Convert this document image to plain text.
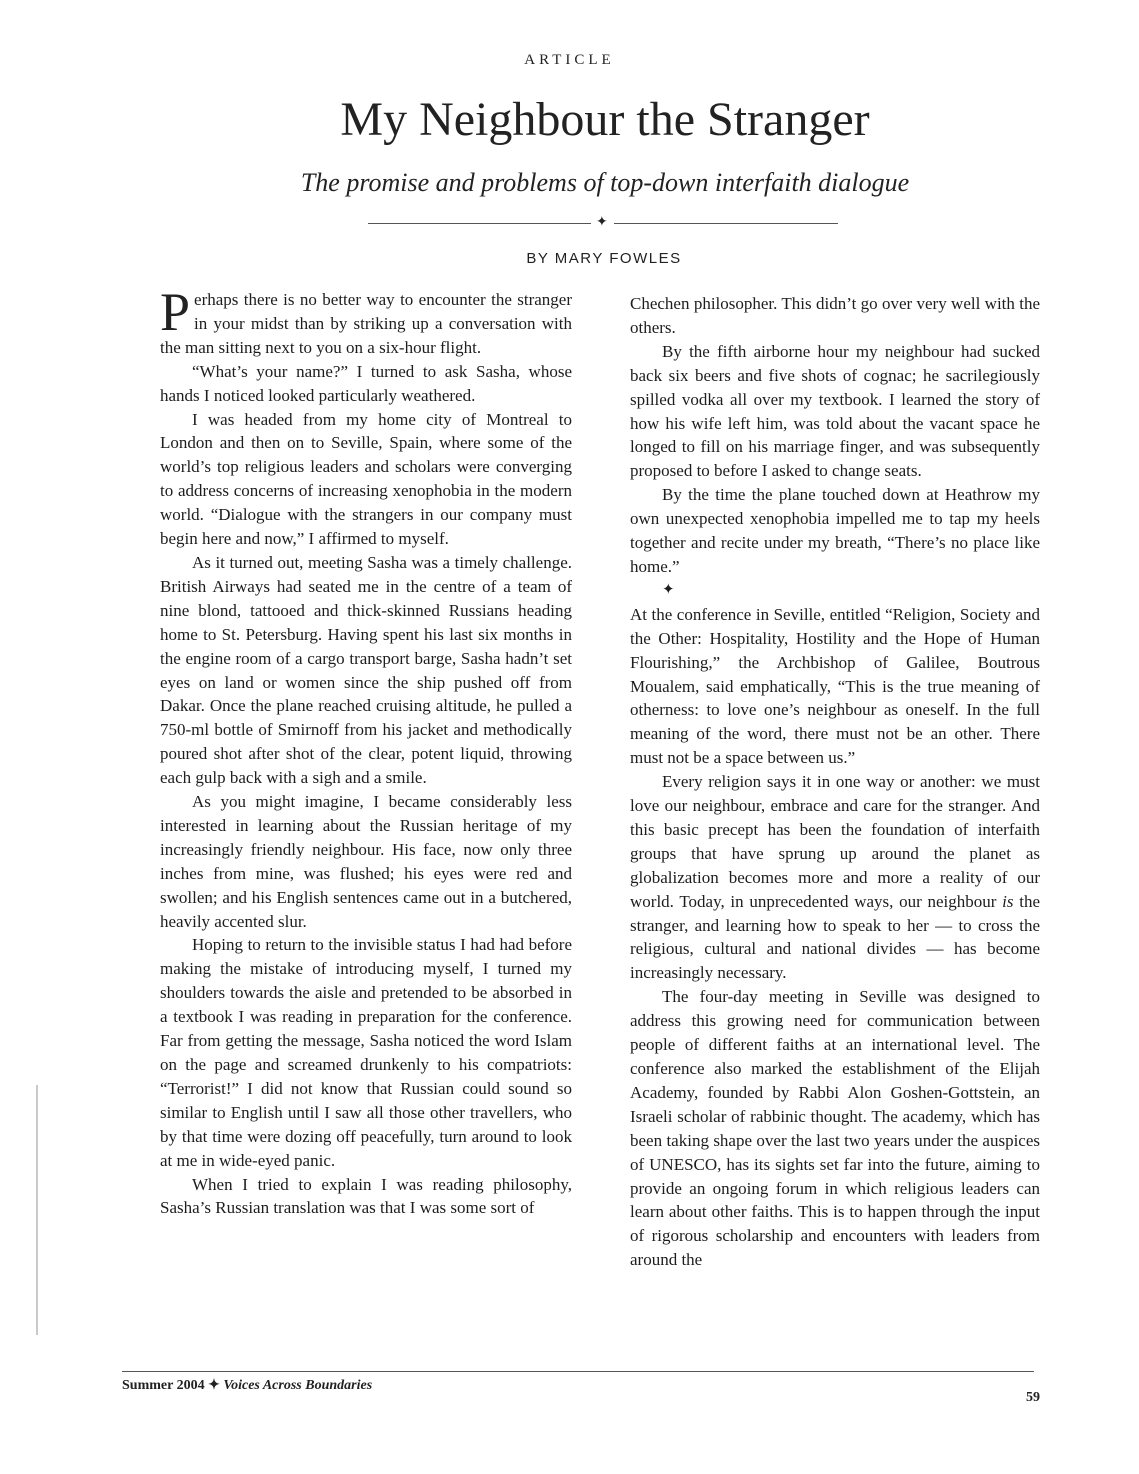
ARTICLE
My Neighbour the Stranger
The promise and problems of top-down interfaith dialogue
✦
BY MARY FOWLES

Perhaps there is no better way to encounter the stranger in your midst than by striking up a conversation with the man sitting next to you on a six-hour flight.

“What’s your name?” I turned to ask Sasha, whose hands I noticed looked particularly weathered.

I was headed from my home city of Montreal to London and then on to Seville, Spain, where some of the world’s top religious leaders and scholars were converging to address concerns of increasing xenophobia in the modern world. “Dialogue with the strangers in our company must begin here and now,” I affirmed to myself.

As it turned out, meeting Sasha was a timely challenge. British Airways had seated me in the centre of a team of nine blond, tattooed and thick-skinned Russians heading home to St. Petersburg. Having spent his last six months in the engine room of a cargo transport barge, Sasha hadn’t set eyes on land or women since the ship pushed off from Dakar. Once the plane reached cruising altitude, he pulled a 750-ml bottle of Smirnoff from his jacket and methodically poured shot after shot of the clear, potent liquid, throwing each gulp back with a sigh and a smile.

As you might imagine, I became considerably less interested in learning about the Russian heritage of my increasingly friendly neighbour. His face, now only three inches from mine, was flushed; his eyes were red and swollen; and his English sentences came out in a butchered, heavily accented slur.

Hoping to return to the invisible status I had had before making the mistake of introducing myself, I turned my shoulders towards the aisle and pretended to be absorbed in a textbook I was reading in preparation for the conference. Far from getting the message, Sasha noticed the word Islam on the page and screamed drunkenly to his compatriots: “Terrorist!” I did not know that Russian could sound so similar to English until I saw all those other travellers, who by that time were dozing off peacefully, turn around to look at me in wide-eyed panic.

When I tried to explain I was reading philosophy, Sasha’s Russian translation was that I was some sort of

Chechen philosopher. This didn’t go over very well with the others.

By the fifth airborne hour my neighbour had sucked back six beers and five shots of cognac; he sacrilegiously spilled vodka all over my textbook. I learned the story of how his wife left him, was told about the vacant space he longed to fill on his marriage finger, and was subsequently proposed to before I asked to change seats.

By the time the plane touched down at Heathrow my own unexpected xenophobia impelled me to tap my heels together and recite under my breath, “There’s no place like home.”

✦

At the conference in Seville, entitled “Religion, Society and the Other: Hospitality, Hostility and the Hope of Human Flourishing,” the Archbishop of Galilee, Boutrous Moualem, said emphatically, “This is the true meaning of otherness: to love one’s neighbour as oneself. In the full meaning of the word, there must not be an other. There must not be a space between us.”

Every religion says it in one way or another: we must love our neighbour, embrace and care for the stranger. And this basic precept has been the foundation of interfaith groups that have sprung up around the planet as globalization becomes more and more a reality of our world. Today, in unprecedented ways, our neighbour is the stranger, and learning how to speak to her — to cross the religious, cultural and national divides — has become increasingly necessary.

The four-day meeting in Seville was designed to address this growing need for communication between people of different faiths at an international level. The conference also marked the establishment of the Elijah Academy, founded by Rabbi Alon Goshen-Gottstein, an Israeli scholar of rabbinic thought. The academy, which has been taking shape over the last two years under the auspices of UNESCO, has its sights set far into the future, aiming to provide an ongoing forum in which religious leaders can learn about other faiths. This is to happen through the input of rigorous scholarship and encounters with leaders from around the

Summer 2004 ✦ Voices Across Boundaries
59
